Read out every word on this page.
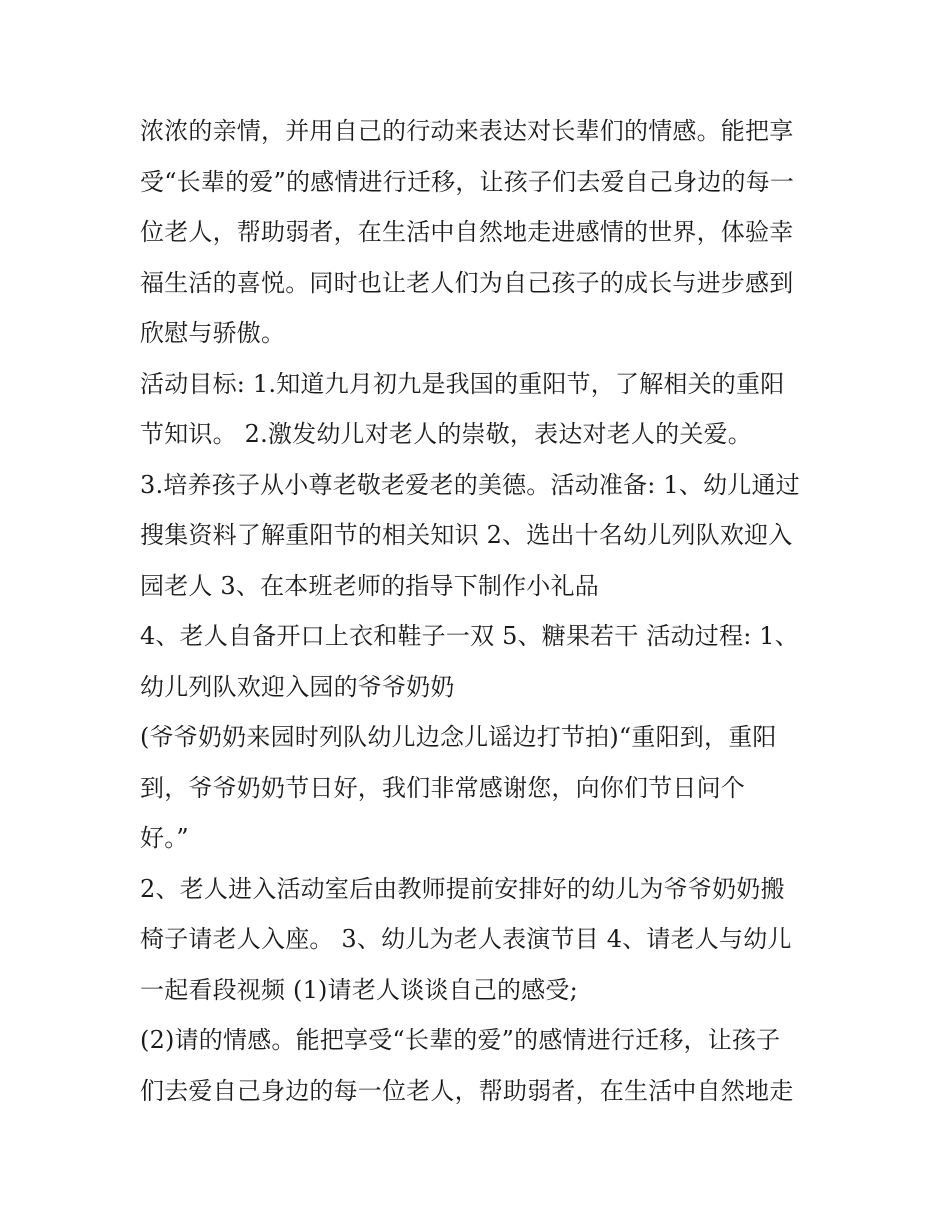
浓浓的亲情，并用自己的行动来表达对长辈们的情感。能把享
受“长辈的爱”的感情进行迁移，让孩子们去爱自己身边的每一
位老人，帮助弱者，在生活中自然地走进感情的世界，体验幸
福生活的喜悦。同时也让老人们为自己孩子的成长与进步感到
欣慰与骄傲。
活动目标: 1.知道九月初九是我国的重阳节，了解相关的重阳
节知识。 2.激发幼儿对老人的崇敬，表达对老人的关爱。
3.培养孩子从小尊老敬老爱老的美德。活动准备: 1、幼儿通过
搜集资料了解重阳节的相关知识 2、选出十名幼儿列队欢迎入
园老人 3、在本班老师的指导下制作小礼品
4、老人自备开口上衣和鞋子一双 5、糖果若干 活动过程: 1、
幼儿列队欢迎入园的爷爷奶奶
(爷爷奶奶来园时列队幼儿边念儿谣边打节拍)“重阳到，重阳
到，爷爷奶奶节日好，我们非常感谢您，向你们节日问个
好。”
2、老人进入活动室后由教师提前安排好的幼儿为爷爷奶奶搬
椅子请老人入座。 3、幼儿为老人表演节目 4、请老人与幼儿
一起看段视频 (1)请老人谈谈自己的感受;
(2)请的情感。能把享受“长辈的爱”的感情进行迁移，让孩子
们去爱自己身边的每一位老人，帮助弱者，在生活中自然地走
